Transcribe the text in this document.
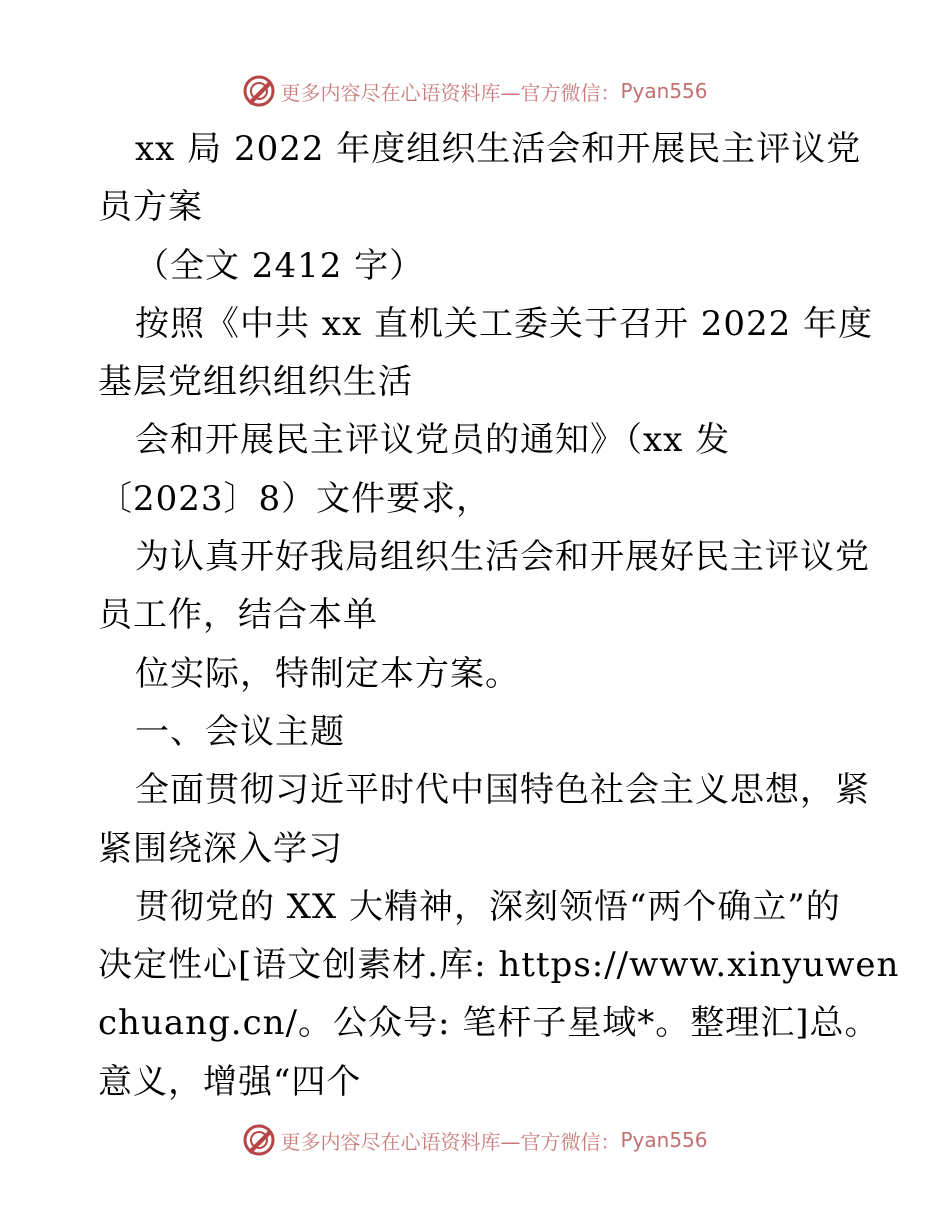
更多内容尽在心语资料库—官方微信： Pyan556
xx 局 2022 年度组织生活会和开展民主评议党
员方案
（全文 2412 字）
按照《中共 xx 直机关工委关于召开 2022 年度
基层党组织组织生活
会和开展民主评议党员的通知》（xx 发
〔2023〕8）文件要求，
为认真开好我局组织生活会和开展好民主评议党
员工作，结合本单
位实际，特制定本方案。
一、会议主题
全面贯彻习近平时代中国特色社会主义思想，紧
紧围绕深入学习
贯彻党的 XX 大精神，深刻领悟“两个确立”的
决定性心[语文创素材.库: https://www.xinyuwen
chuang.cn/。公众号: 笔杆子星域*。整理汇]总。
意义，增强“四个
更多内容尽在心语资料库—官方微信： Pyan556
